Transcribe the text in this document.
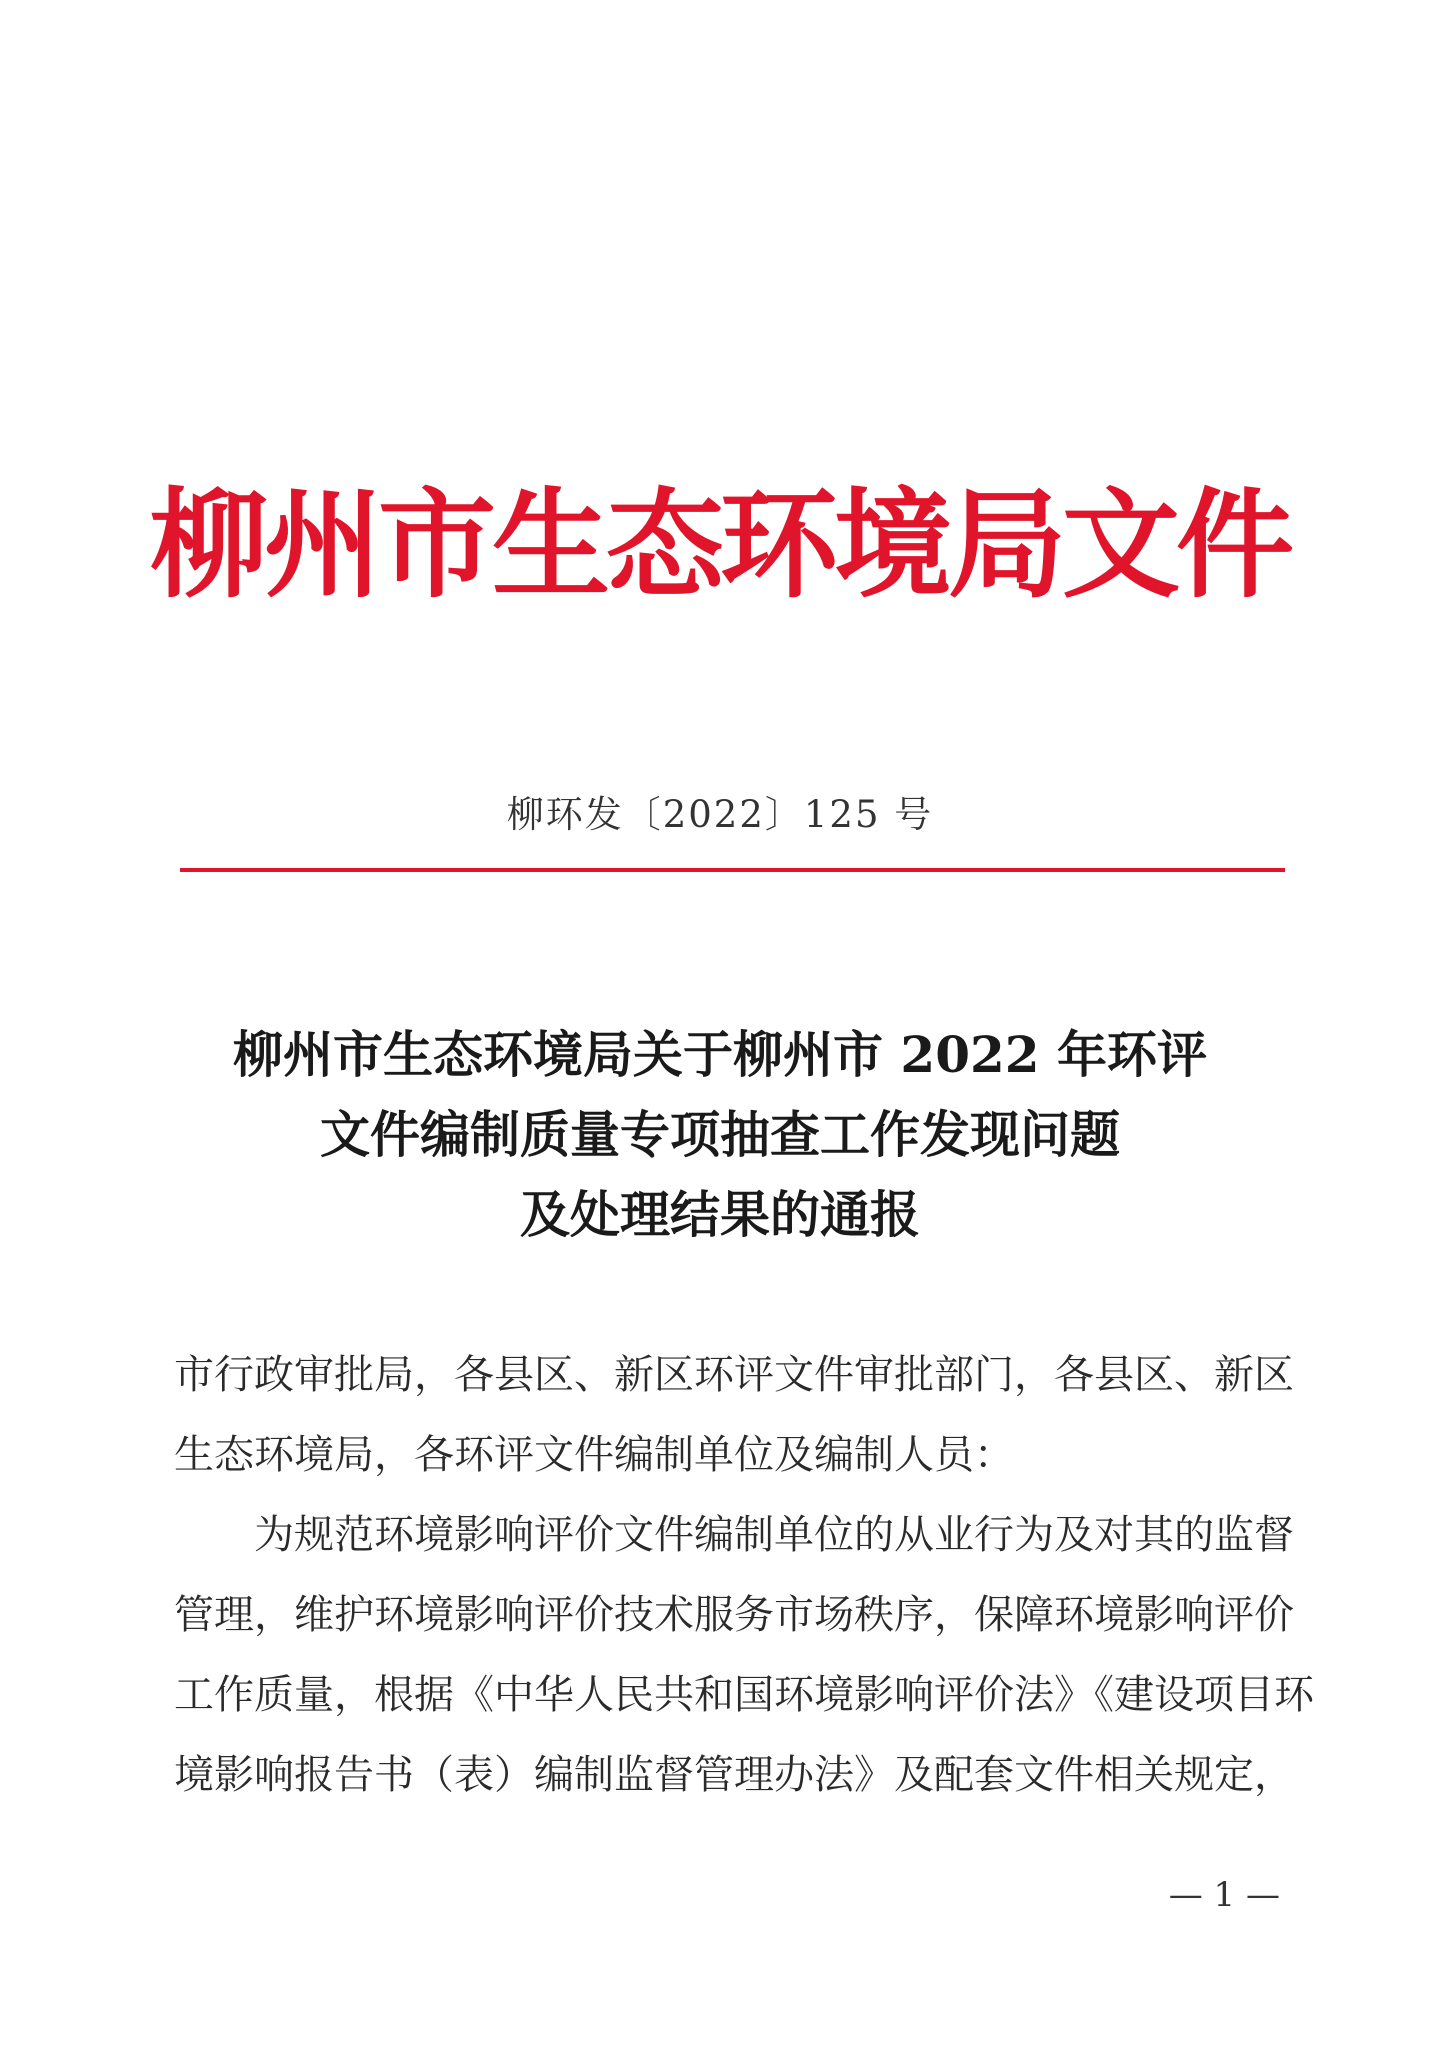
柳州市生态环境局文件
柳环发〔2022〕125 号
柳州市生态环境局关于柳州市 2022 年环评
文件编制质量专项抽查工作发现问题
及处理结果的通报
市行政审批局，各县区、新区环评文件审批部门，各县区、新区
生态环境局，各环评文件编制单位及编制人员：
为规范环境影响评价文件编制单位的从业行为及对其的监督
管理，维护环境影响评价技术服务市场秩序，保障环境影响评价
工作质量，根据《中华人民共和国环境影响评价法》《建设项目环
境影响报告书（表）编制监督管理办法》及配套文件相关规定，
— 1 —
